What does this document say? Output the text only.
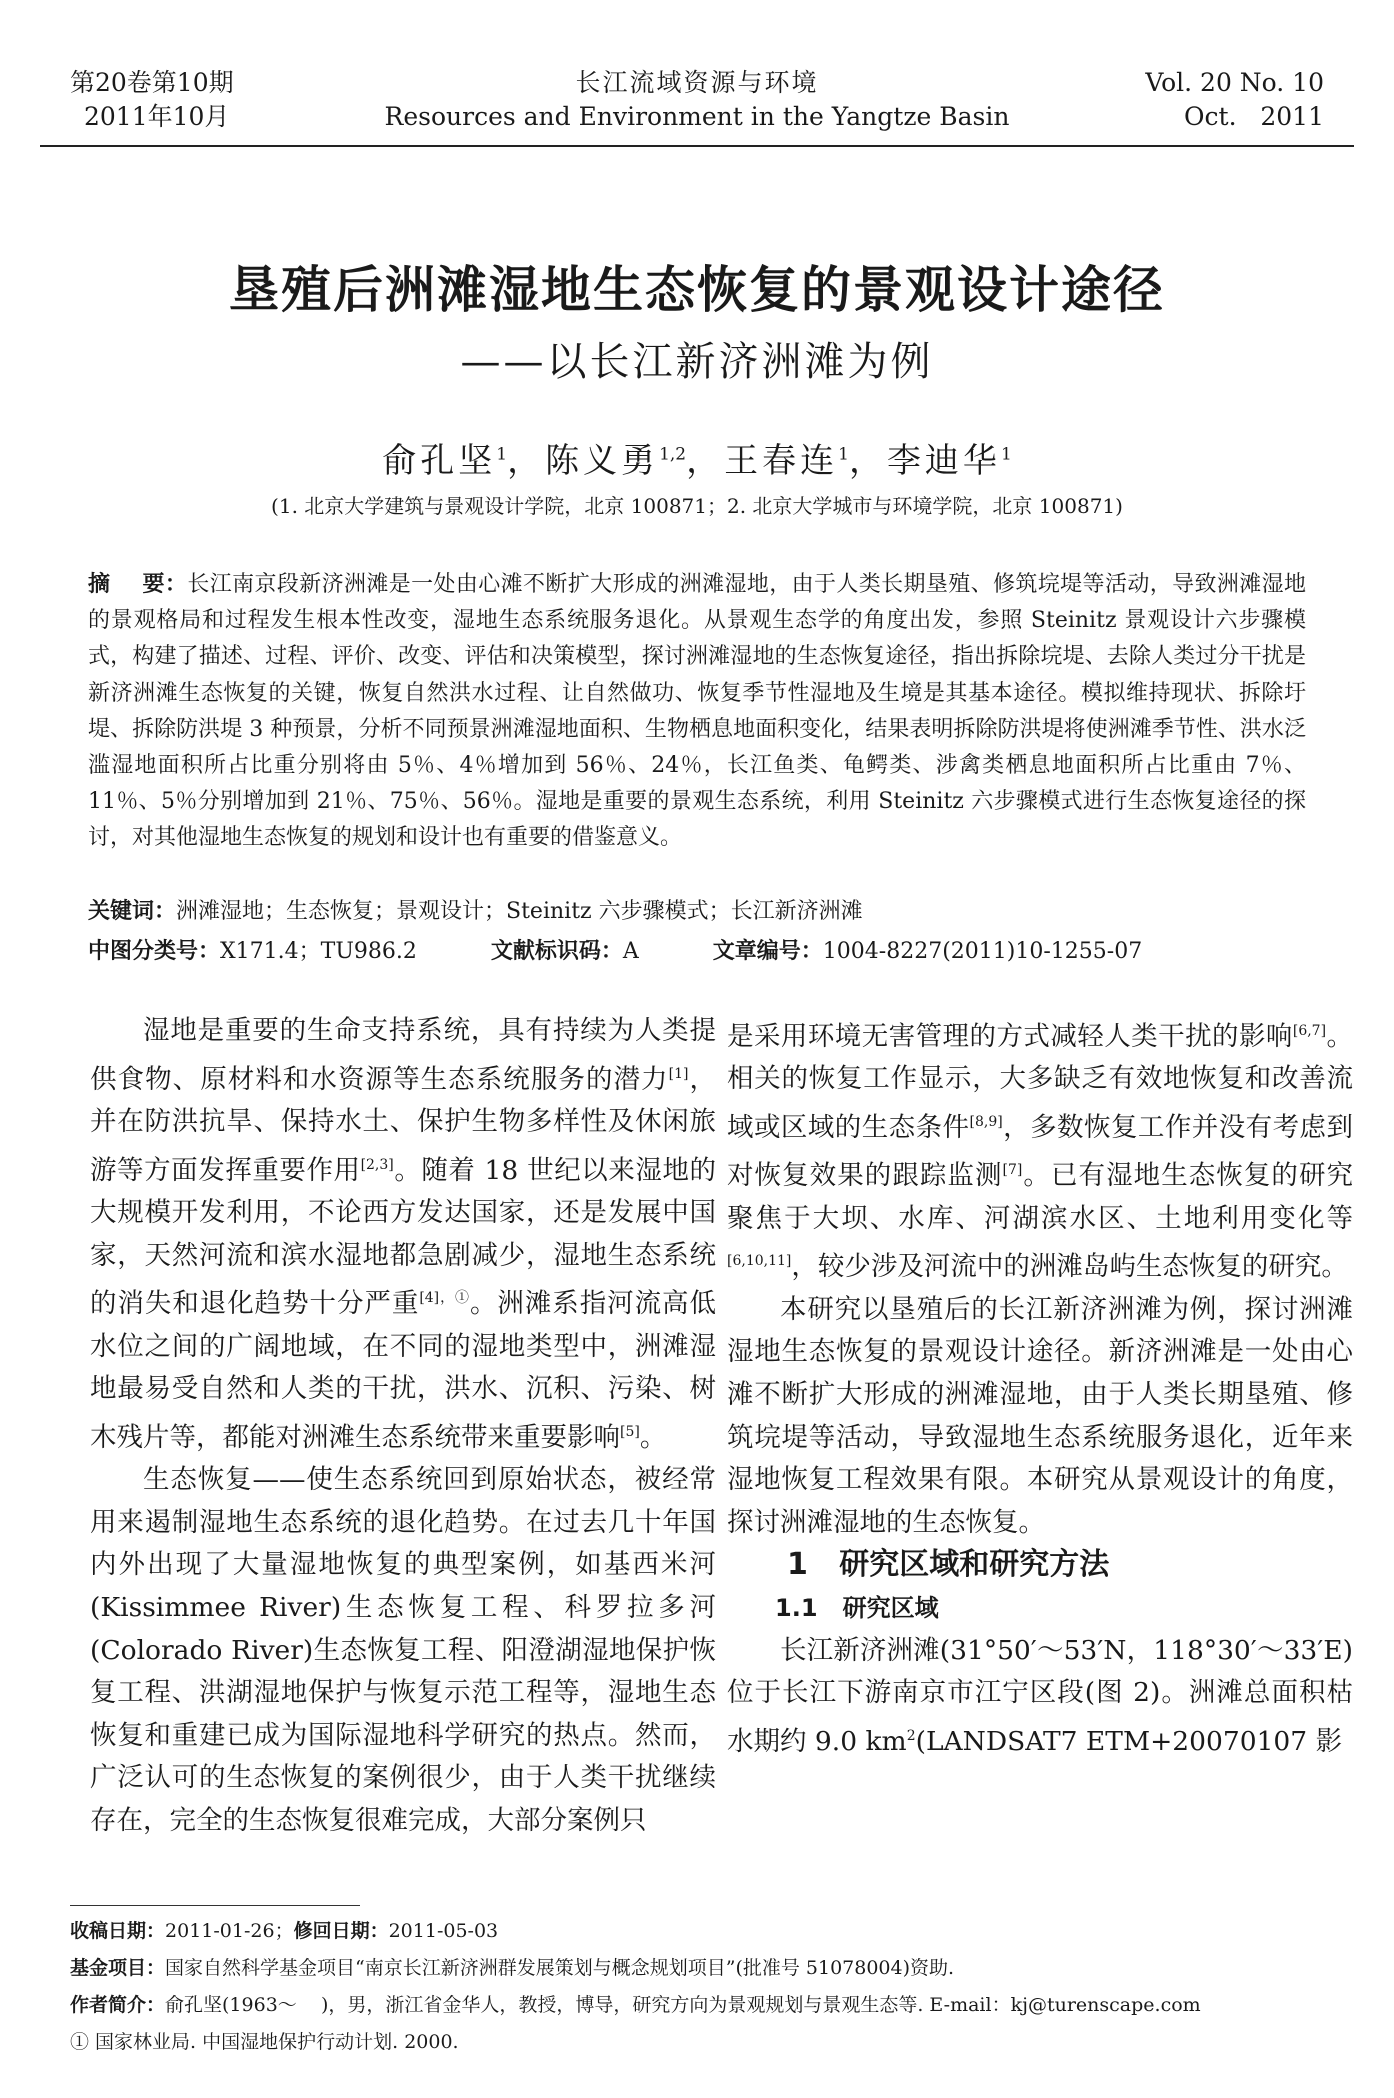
第20卷第10期
2011年10月
长江流域资源与环境
Resources and Environment in the Yangtze Basin
Vol. 20 No. 10
Oct.   2011
垦殖后洲滩湿地生态恢复的景观设计途径
——以长江新济洲滩为例
俞孔坚$^1$，陈义勇$^{1,2}$，王春连$^1$，李迪华$^1$
(1. 北京大学建筑与景观设计学院，北京 100871；2. 北京大学城市与环境学院，北京 100871)
摘    要：长江南京段新济洲滩是一处由心滩不断扩大形成的洲滩湿地，由于人类长期垦殖、修筑垸堤等活动，导致洲滩湿地的景观格局和过程发生根本性改变，湿地生态系统服务退化。从景观生态学的角度出发，参照 Steinitz 景观设计六步骤模式，构建了描述、过程、评价、改变、评估和决策模型，探讨洲滩湿地的生态恢复途径，指出拆除垸堤、去除人类过分干扰是新济洲滩生态恢复的关键，恢复自然洪水过程、让自然做功、恢复季节性湿地及生境是其基本途径。模拟维持现状、拆除圩堤、拆除防洪堤 3 种预景，分析不同预景洲滩湿地面积、生物栖息地面积变化，结果表明拆除防洪堤将使洲滩季节性、洪水泛滥湿地面积所占比重分别将由 5％、4％增加到 56％、24％，长江鱼类、龟鳄类、涉禽类栖息地面积所占比重由 7％、11％、5％分别增加到 21％、75％、56％。湿地是重要的景观生态系统，利用 Steinitz 六步骤模式进行生态恢复途径的探讨，对其他湿地生态恢复的规划和设计也有重要的借鉴意义。
关键词：洲滩湿地；生态恢复；景观设计；Steinitz 六步骤模式；长江新济洲滩
中图分类号：X171.4；TU986.2	文献标识码：A	文章编号：1004-8227(2011)10-1255-07

湿地是重要的生命支持系统，具有持续为人类提供食物、原材料和水资源等生态系统服务的潜力[1]，并在防洪抗旱、保持水土、保护生物多样性及休闲旅游等方面发挥重要作用[2,3]。随着 18 世纪以来湿地的大规模开发利用，不论西方发达国家，还是发展中国家，天然河流和滨水湿地都急剧减少，湿地生态系统的消失和退化趋势十分严重$^{[4],①}$。洲滩系指河流高低水位之间的广阔地域，在不同的湿地类型中，洲滩湿地最易受自然和人类的干扰，洪水、沉积、污染、树木残片等，都能对洲滩生态系统带来重要影响[5]。

生态恢复——使生态系统回到原始状态，被经常用来遏制湿地生态系统的退化趋势。在过去几十年国内外出现了大量湿地恢复的典型案例，如基西米河(Kissimmee River)生态恢复工程、科罗拉多河(Colorado River)生态恢复工程、阳澄湖湿地保护恢复工程、洪湖湿地保护与恢复示范工程等，湿地生态恢复和重建已成为国际湿地科学研究的热点。然而，广泛认可的生态恢复的案例很少，由于人类干扰继续存在，完全的生态恢复很难完成，大部分案例只

是采用环境无害管理的方式减轻人类干扰的影响[6,7]。相关的恢复工作显示，大多缺乏有效地恢复和改善流域或区域的生态条件[8,9]，多数恢复工作并没有考虑到对恢复效果的跟踪监测[7]。已有湿地生态恢复的研究聚焦于大坝、水库、河湖滨水区、土地利用变化等[6,10,11]，较少涉及河流中的洲滩岛屿生态恢复的研究。

本研究以垦殖后的长江新济洲滩为例，探讨洲滩湿地生态恢复的景观设计途径。新济洲滩是一处由心滩不断扩大形成的洲滩湿地，由于人类长期垦殖、修筑垸堤等活动，导致湿地生态系统服务退化，近年来湿地恢复工程效果有限。本研究从景观设计的角度，探讨洲滩湿地的生态恢复。

1   研究区域和研究方法

1.1   研究区域

长江新济洲滩(31°50′～53′N，118°30′～33′E)位于长江下游南京市江宁区段(图 2)。洲滩总面积枯水期约 9.0 $km^2(LANDSAT7$ ETM+20070107 影

收稿日期：2011-01-26；修回日期：2011-05-03
基金项目：国家自然科学基金项目“南京长江新济洲群发展策划与概念规划项目”(批准号 51078004)资助.
作者简介：俞孔坚(1963～    )，男，浙江省金华人，教授，博导，研究方向为景观规划与景观生态等. E-mail：kj@turenscape.com
① 国家林业局. 中国湿地保护行动计划. 2000.
